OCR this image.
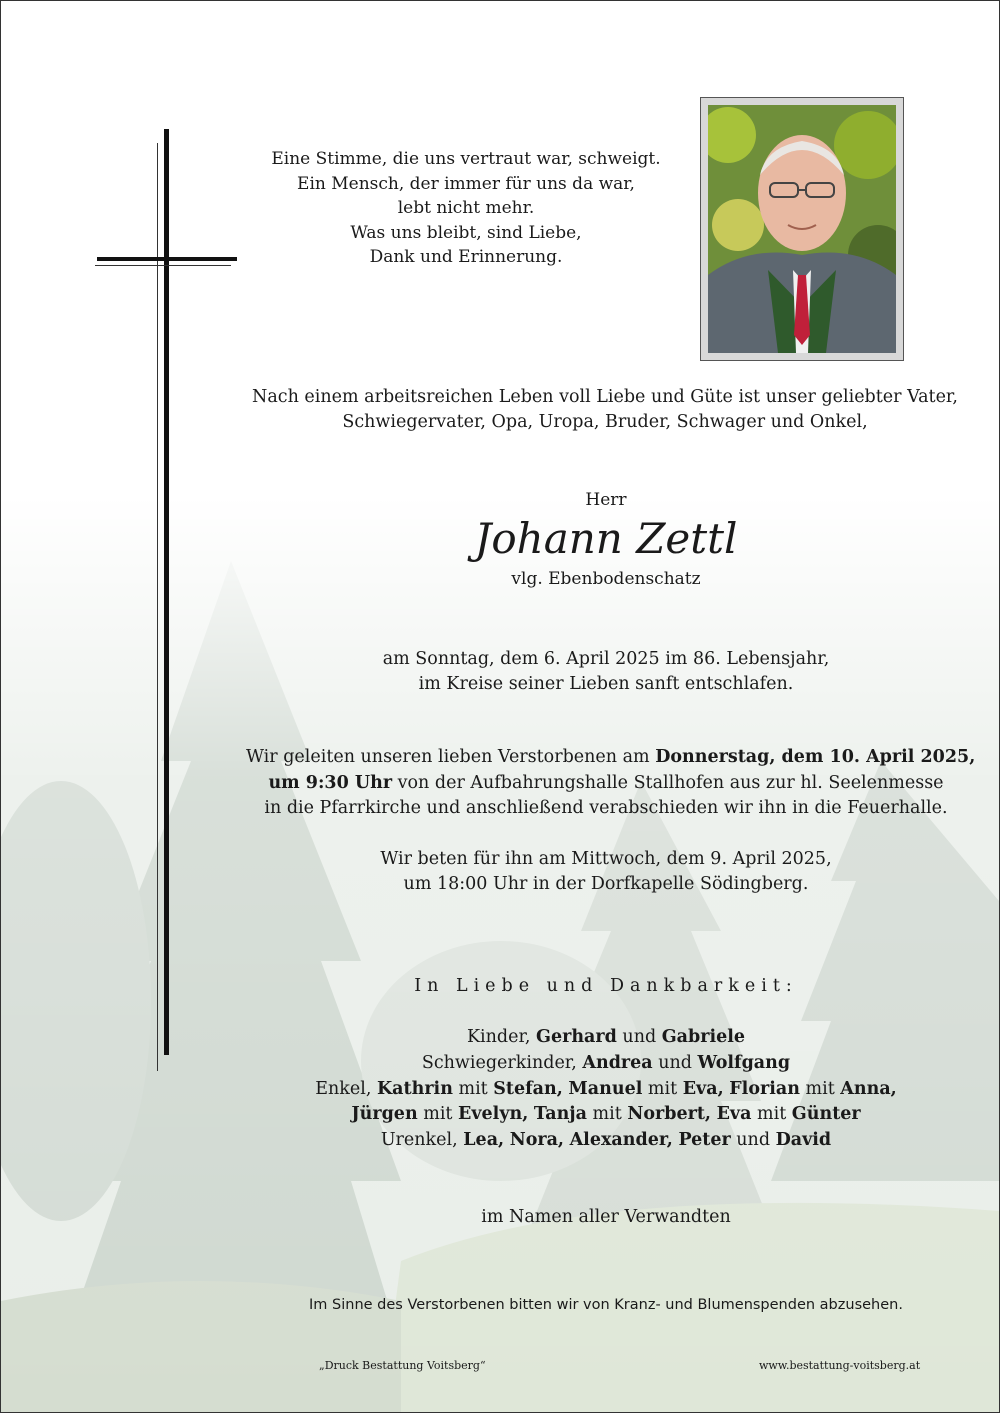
Eine Stimme, die uns vertraut war, schweigt.
Ein Mensch, der immer für uns da war,
lebt nicht mehr.
Was uns bleibt, sind Liebe,
Dank und Erinnerung.
Nach einem arbeitsreichen Leben voll Liebe und Güte ist unser geliebter Vater,
Schwiegervater, Opa, Uropa, Bruder, Schwager und Onkel,
Herr
Johann Zettl
vlg. Ebenbodenschatz
am Sonntag, dem 6. April 2025 im 86. Lebensjahr,
im Kreise seiner Lieben sanft entschlafen.
Wir geleiten unseren lieben Verstorbenen am Donnerstag, dem 10. April 2025,
um 9:30 Uhr von der Aufbahrungshalle Stallhofen aus zur hl. Seelenmesse
in die Pfarrkirche und anschließend verabschieden wir ihn in die Feuerhalle.
Wir beten für ihn am Mittwoch, dem 9. April 2025,
um 18:00 Uhr in der Dorfkapelle Södingberg.
In Liebe und Dankbarkeit:
Kinder, Gerhard und Gabriele
Schwiegerkinder, Andrea und Wolfgang
Enkel, Kathrin mit Stefan, Manuel mit Eva, Florian mit Anna,
Jürgen mit Evelyn, Tanja mit Norbert, Eva mit Günter
Urenkel, Lea, Nora, Alexander, Peter und David
im Namen aller Verwandten
Im Sinne des Verstorbenen bitten wir von Kranz- und Blumenspenden abzusehen.
„Druck Bestattung Voitsberg“	www.bestattung-voitsberg.at
